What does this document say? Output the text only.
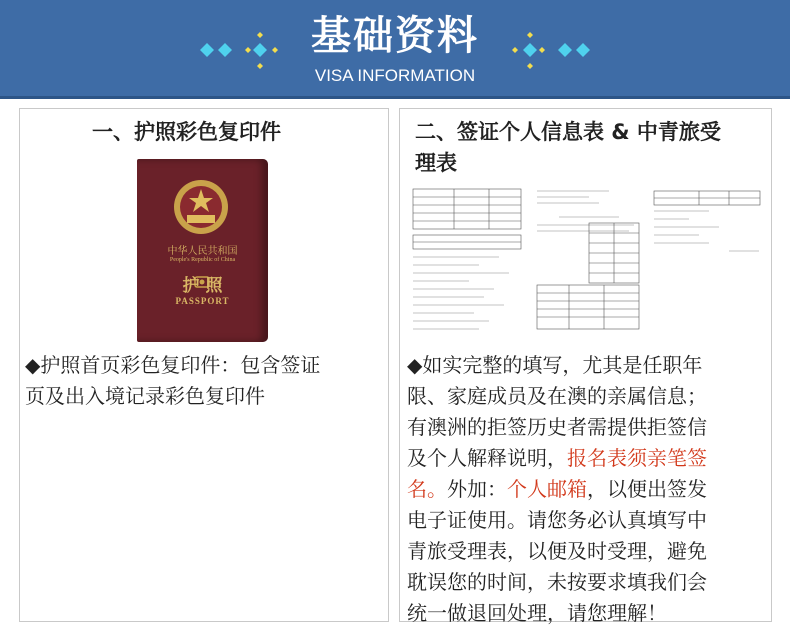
基础资料
VISA INFORMATION
一、护照彩色复印件
中华人民共和国
People's Republic of China
护 照
PASSPORT
◆护照首页彩色复印件：包含签证
页及出入境记录彩色复印件
二、签证个人信息表 & 中青旅受
理表
◆如实完整的填写，尤其是任职年
限、家庭成员及在澳的亲属信息；
有澳洲的拒签历史者需提供拒签信
及个人解释说明，报名表须亲笔签
名。外加：个人邮箱，以便出签发
电子证使用。请您务必认真填写中
青旅受理表，以便及时受理，避免
耽误您的时间，未按要求填我们会
统一做退回处理，请您理解！
